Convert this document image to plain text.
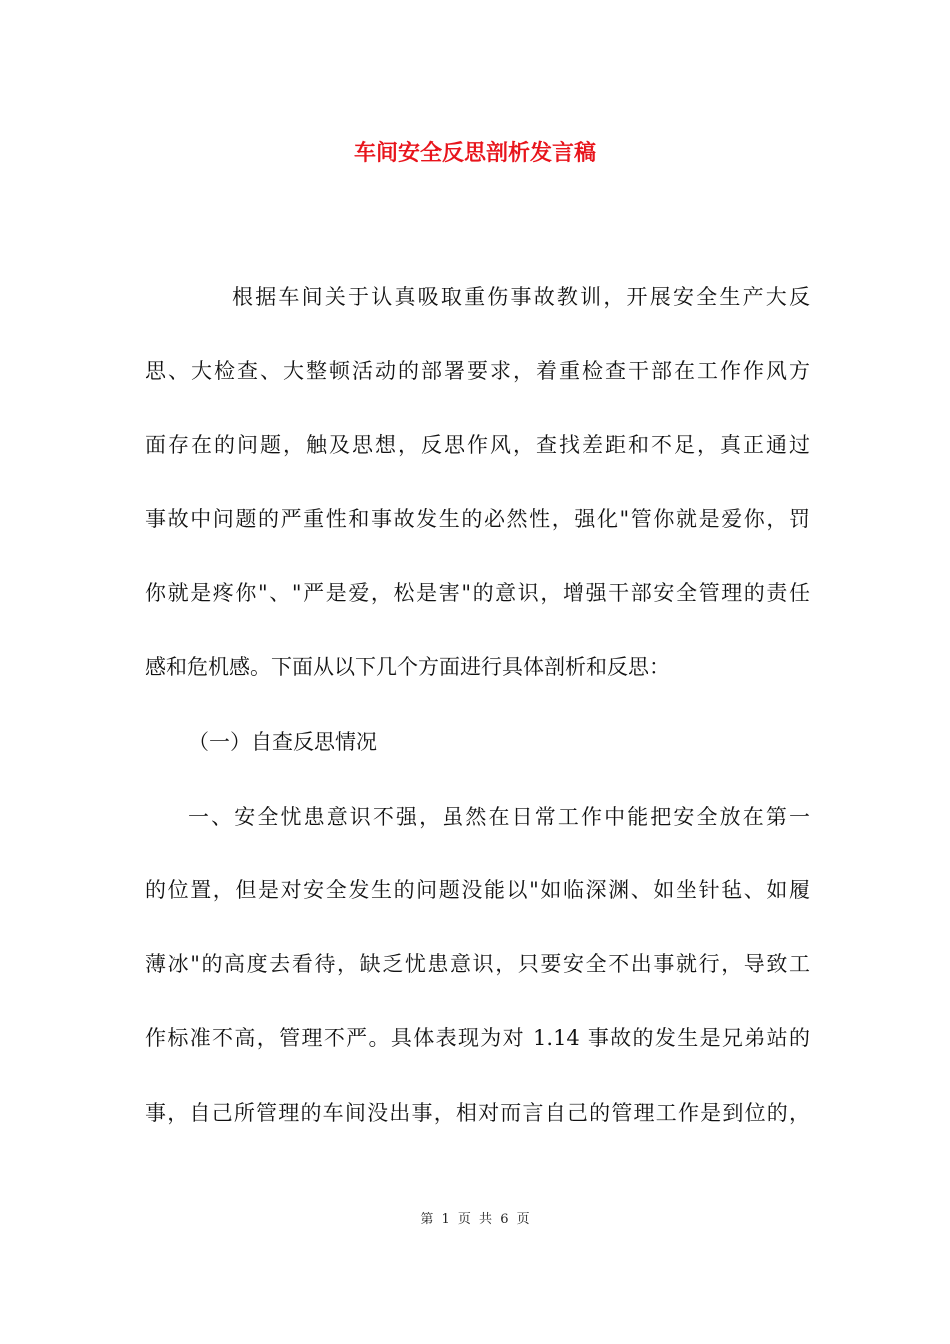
车间安全反思剖析发言稿
根据车间关于认真吸取重伤事故教训，开展安全生产大反
思、大检查、大整顿活动的部署要求，着重检查干部在工作作风方
面存在的问题，触及思想，反思作风，查找差距和不足，真正通过
事故中问题的严重性和事故发生的必然性，强化"管你就是爱你，罚
你就是疼你"、"严是爱，松是害"的意识，增强干部安全管理的责任
感和危机感。下面从以下几个方面进行具体剖析和反思：
（一）自查反思情况
一、安全忧患意识不强，虽然在日常工作中能把安全放在第一
的位置，但是对安全发生的问题没能以"如临深渊、如坐针毡、如履
薄冰"的高度去看待，缺乏忧患意识，只要安全不出事就行，导致工
作标准不高，管理不严。具体表现为对 1.14 事故的发生是兄弟站的
事，自己所管理的车间没出事，相对而言自己的管理工作是到位的，
第 1 页 共 6 页
